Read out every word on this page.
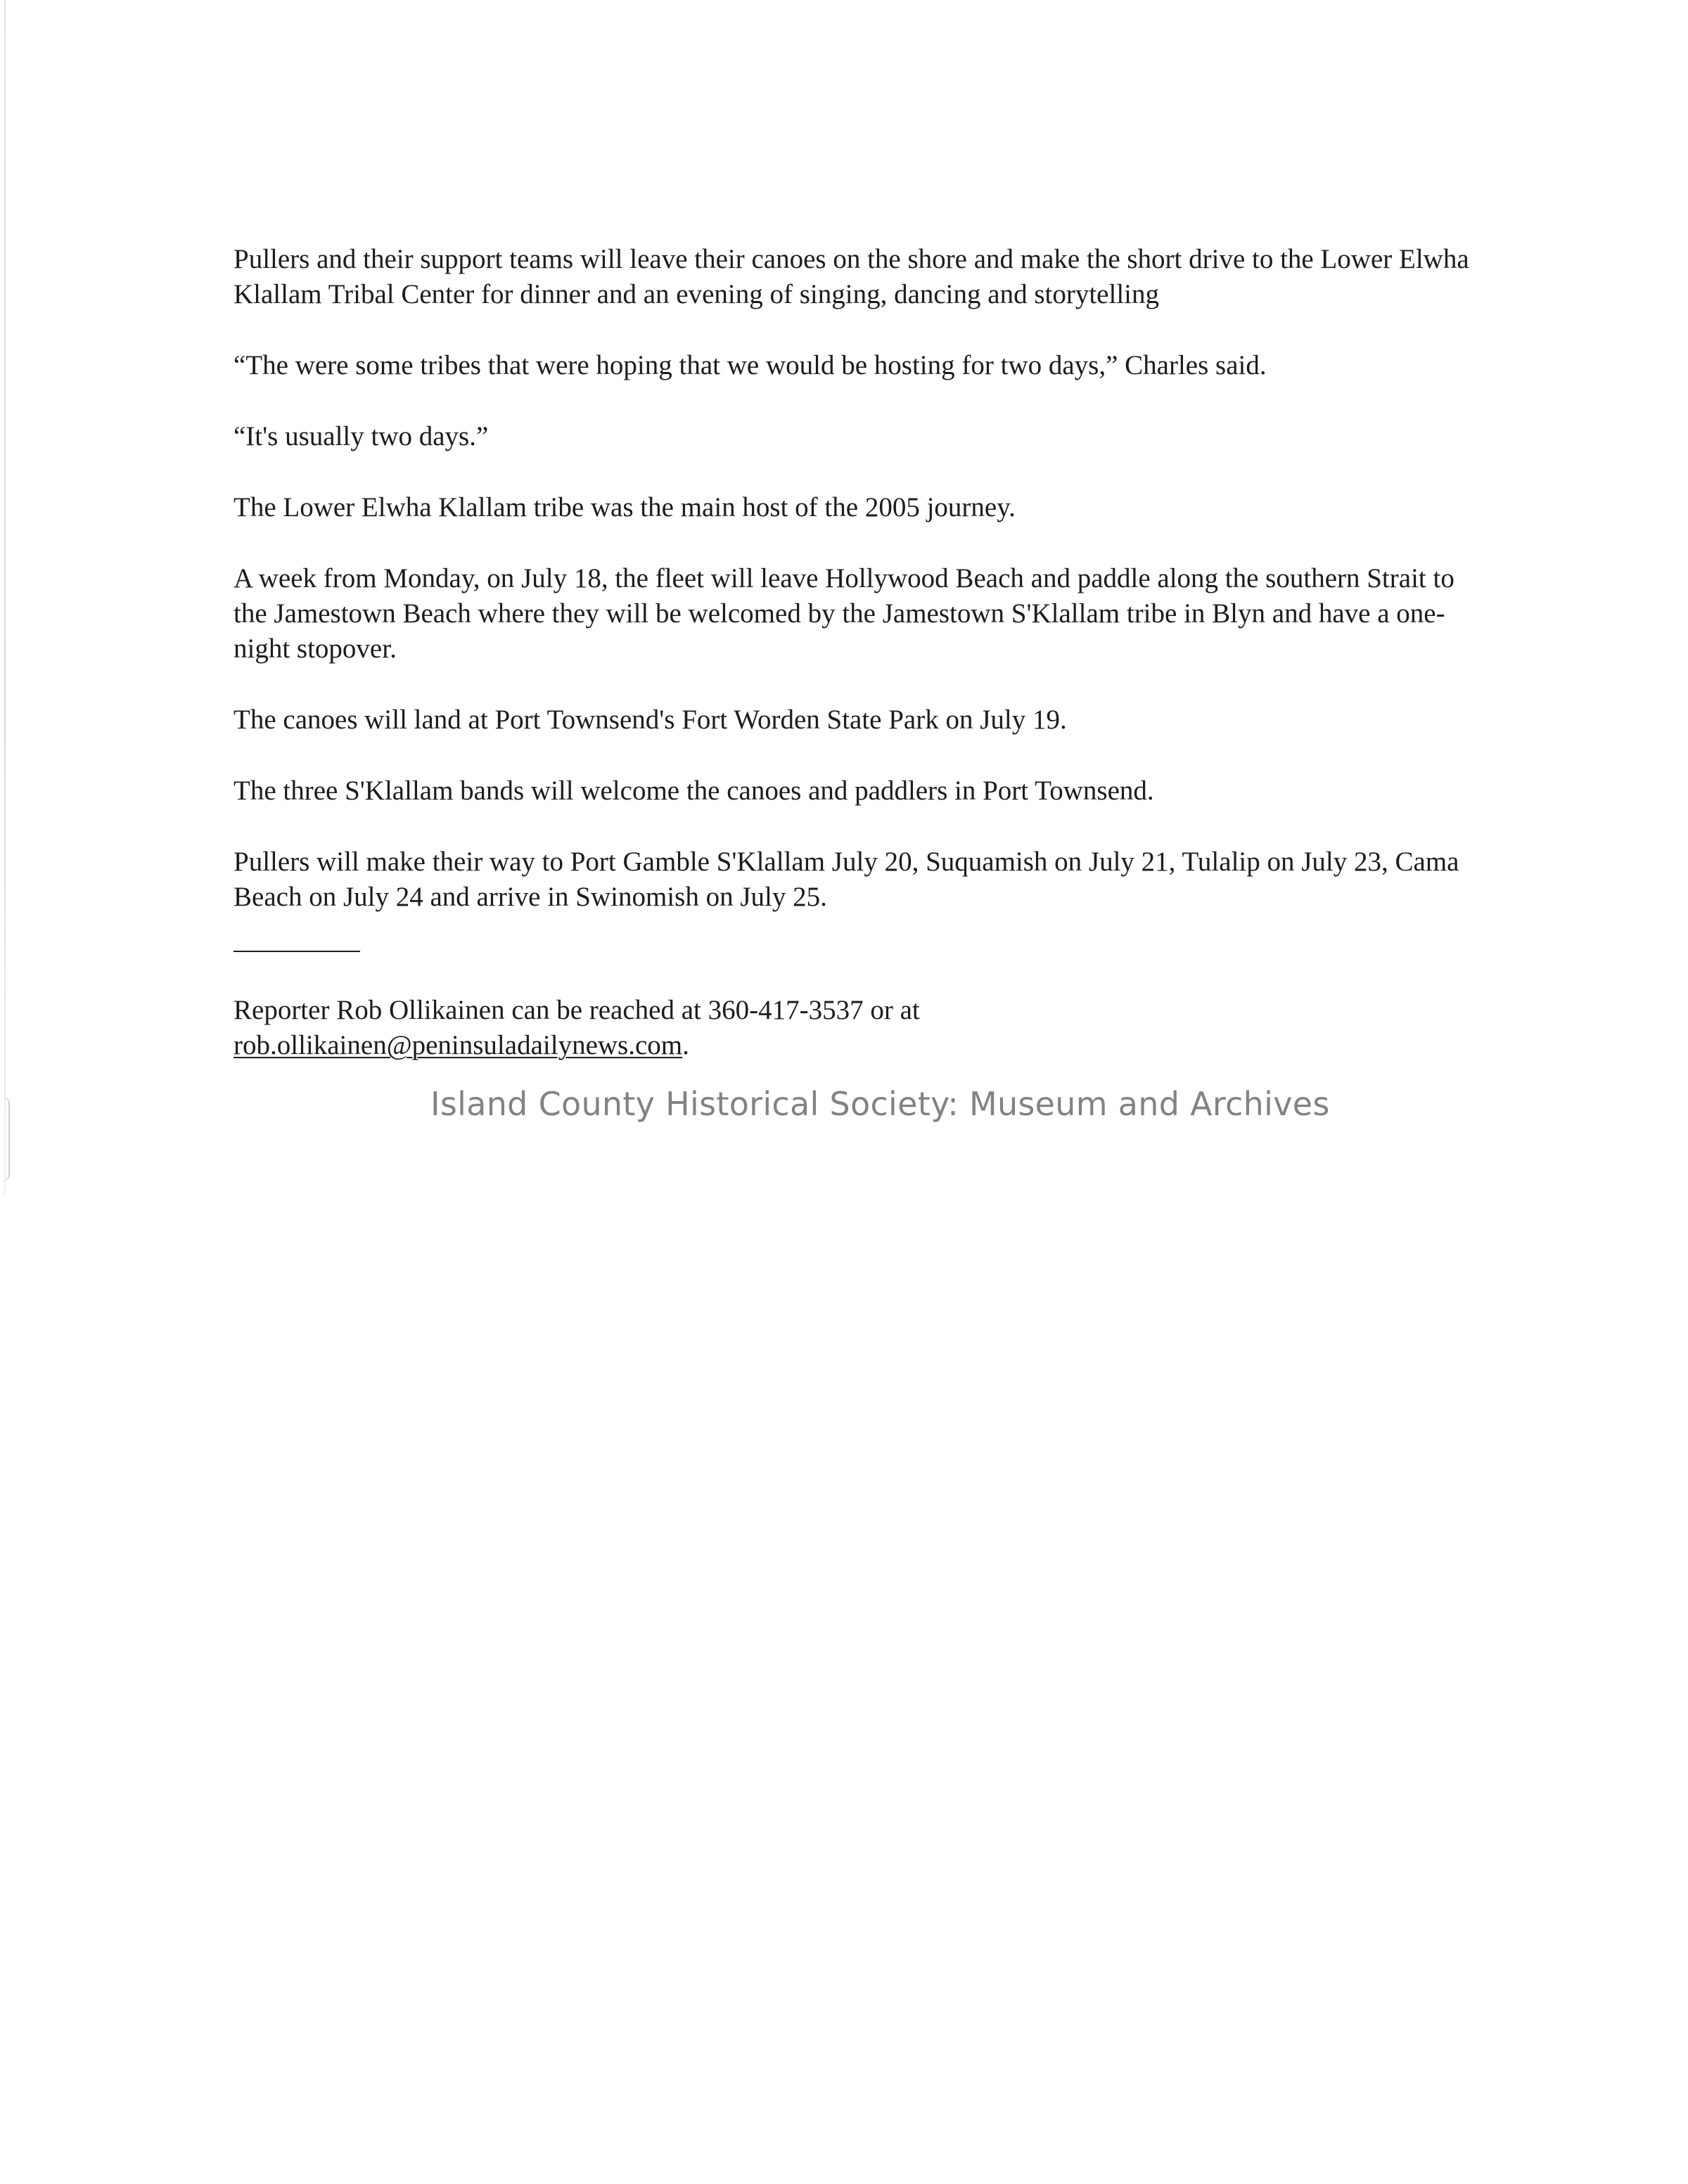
Pullers and their support teams will leave their canoes on the shore and make the short drive to the Lower Elwha Klallam Tribal Center for dinner and an evening of singing, dancing and storytelling

“The were some tribes that were hoping that we would be hosting for two days,” Charles said.

“It's usually two days.”

The Lower Elwha Klallam tribe was the main host of the 2005 journey.

A week from Monday, on July 18, the fleet will leave Hollywood Beach and paddle along the southern Strait to the Jamestown Beach where they will be welcomed by the Jamestown S'Klallam tribe in Blyn and have a one-night stopover.

The canoes will land at Port Townsend's Fort Worden State Park on July 19.

The three S'Klallam bands will welcome the canoes and paddlers in Port Townsend.

Pullers will make their way to Port Gamble S'Klallam July 20, Suquamish on July 21, Tulalip on July 23, Cama Beach on July 24 and arrive in Swinomish on July 25.

Reporter Rob Ollikainen can be reached at 360-417-3537 or at
rob.ollikainen@peninsuladailynews.com.

Island County Historical Society: Museum and Archives
